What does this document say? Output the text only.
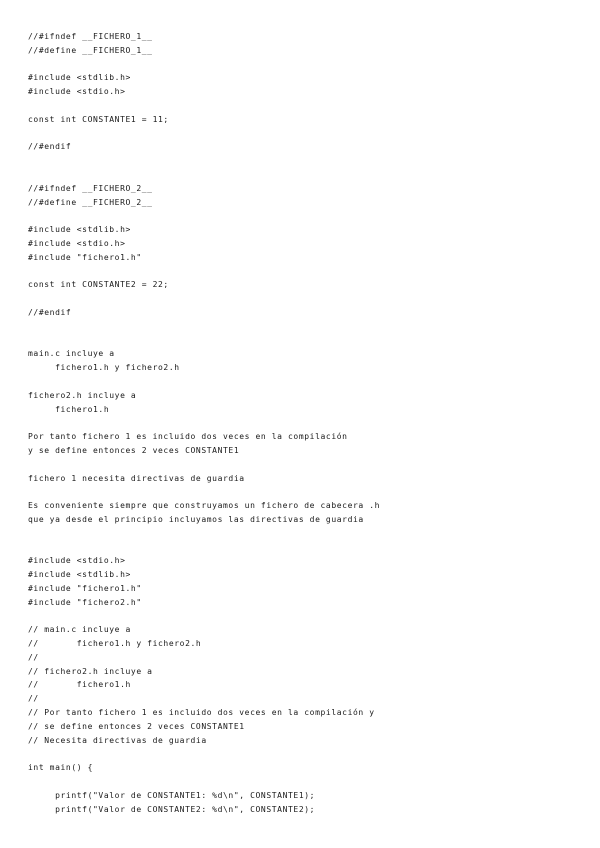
//#ifndef __FICHERO_1__
//#define __FICHERO_1__
#include <stdlib.h>
#include <stdio.h>
const int CONSTANTE1 = 11;
//#endif
//#ifndef __FICHERO_2__
//#define __FICHERO_2__
#include <stdlib.h>
#include <stdio.h>
#include "fichero1.h"
const int CONSTANTE2 = 22;
//#endif
main.c incluye a
fichero1.h y fichero2.h
fichero2.h incluye a
fichero1.h
Por tanto fichero 1 es incluido dos veces en la compilación
y se define entonces 2 veces CONSTANTE1
fichero 1 necesita directivas de guardia
Es conveniente siempre que construyamos un fichero de cabecera .h
que ya desde el principio incluyamos las directivas de guardia
#include <stdio.h>
#include <stdlib.h>
#include "fichero1.h"
#include "fichero2.h"
// main.c incluye a
//       fichero1.h y fichero2.h
//
// fichero2.h incluye a
//       fichero1.h
//
// Por tanto fichero 1 es incluido dos veces en la compilación y
// se define entonces 2 veces CONSTANTE1
// Necesita directivas de guardia
int main() {
printf("Valor de CONSTANTE1: %d\n", CONSTANTE1);
printf("Valor de CONSTANTE2: %d\n", CONSTANTE2);
